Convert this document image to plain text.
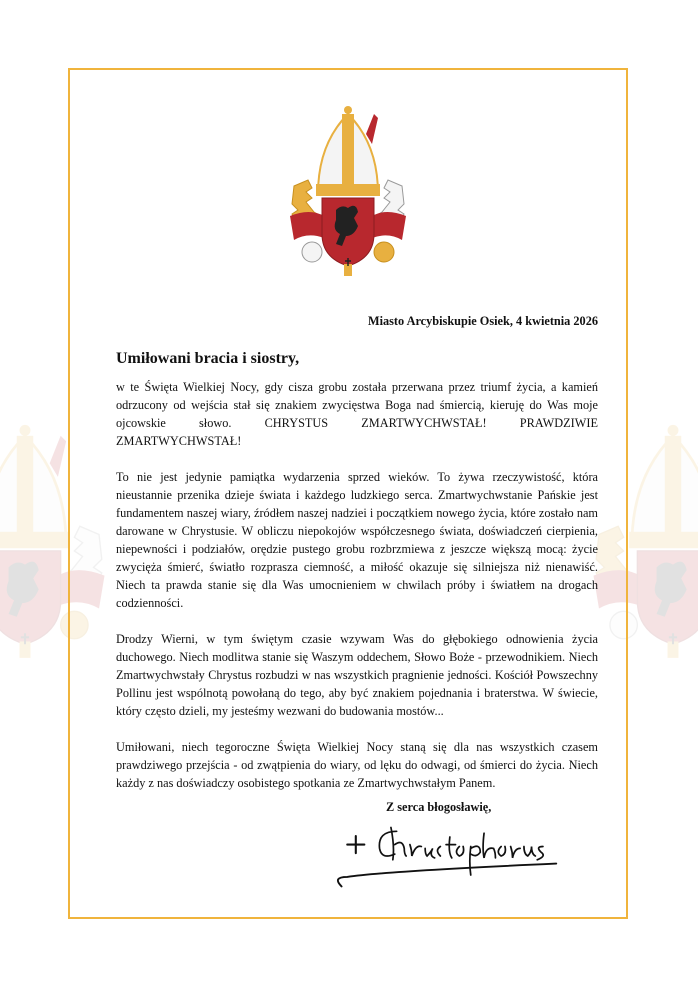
Miasto Arcybiskupie Osiek, 4 kwietnia 2026
Umiłowani bracia i siostry,

w te Święta Wielkiej Nocy, gdy cisza grobu została przerwana przez triumf życia, a kamień odrzucony od wejścia stał się znakiem zwycięstwa Boga nad śmiercią, kieruję do Was moje ojcowskie słowo. CHRYSTUS ZMARTWYCHWSTAŁ! PRAWDZIWIE ZMARTWYCHWSTAŁ!

To nie jest jedynie pamiątka wydarzenia sprzed wieków. To żywa rzeczywistość, która nieustannie przenika dzieje świata i każdego ludzkiego serca. Zmartwychwstanie Pańskie jest fundamentem naszej wiary, źródłem naszej nadziei i początkiem nowego życia, które zostało nam darowane w Chrystusie. W obliczu niepokojów współczesnego świata, doświadczeń cierpienia, niepewności i podziałów, orędzie pustego grobu rozbrzmiewa z jeszcze większą mocą: życie zwycięża śmierć, światło rozprasza ciemność, a miłość okazuje się silniejsza niż nienawiść. Niech ta prawda stanie się dla Was umocnieniem w chwilach próby i światłem na drogach codzienności.

Drodzy Wierni, w tym świętym czasie wzywam Was do głębokiego odnowienia życia duchowego. Niech modlitwa stanie się Waszym oddechem, Słowo Boże - przewodnikiem. Niech Zmartwychwstały Chrystus rozbudzi w nas wszystkich pragnienie jedności. Kościół Powszechny Pollinu jest wspólnotą powołaną do tego, aby być znakiem pojednania i braterstwa. W świecie, który często dzieli, my jesteśmy wezwani do budowania mostów...

Umiłowani, niech tegoroczne Święta Wielkiej Nocy staną się dla nas wszystkich czasem prawdziwego przejścia - od zwątpienia do wiary, od lęku do odwagi, od śmierci do życia. Niech każdy z nas doświadczy osobistego spotkania ze Zmartwychwstałym Panem.

Z serca błogosławię,
